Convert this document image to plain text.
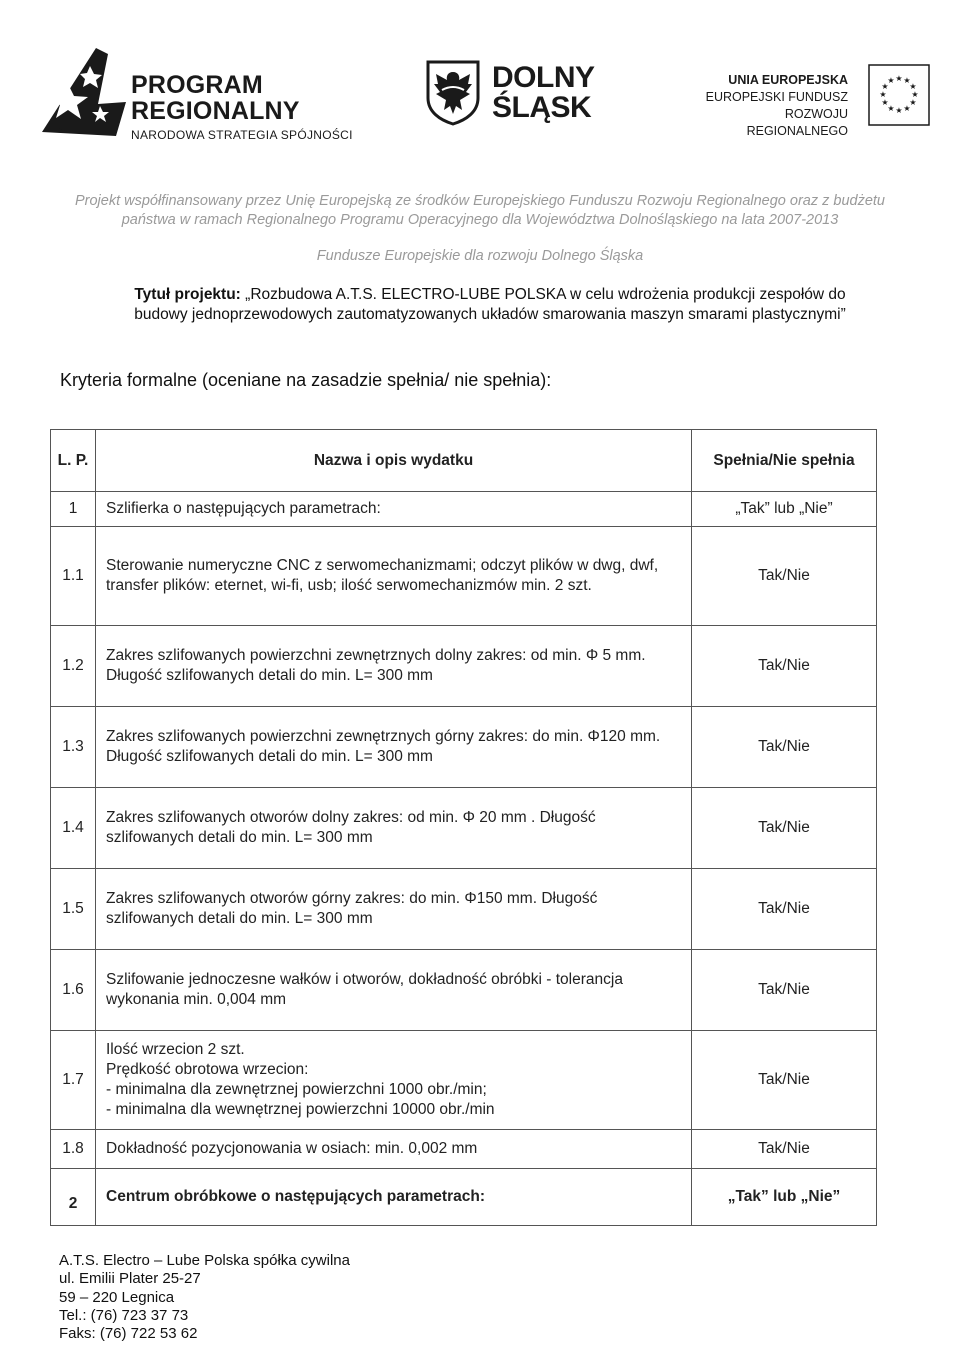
PROGRAM
REGIONALNY
NARODOWA STRATEGIA SPÓJNOŚCI
DOLNY
ŚLĄSK
UNIA EUROPEJSKA
EUROPEJSKI FUNDUSZ
ROZWOJU REGIONALNEGO
★ ★
★
★
★
★
★
★
★
★
★
★
Projekt współfinansowany przez Unię Europejską ze środków Europejskiego Funduszu Rozwoju Regionalnego oraz z budżetu
państwa w ramach Regionalnego Programu Operacyjnego dla Województwa Dolnośląskiego na lata 2007-2013
Fundusze Europejskie dla rozwoju Dolnego Śląska
Tytuł projektu: „Rozbudowa A.T.S. ELECTRO-LUBE POLSKA w celu wdrożenia produkcji zespołów do
budowy jednoprzewodowych zautomatyzowanych układów smarowania maszyn smarami plastycznymi”
Kryteria formalne (oceniane na zasadzie spełnia/ nie spełnia):
L. P.	Nazwa i opis wydatku	Spełnia/Nie spełnia
1	Szlifierka o następujących parametrach:	„Tak” lub „Nie”
1.1	Sterowanie numeryczne CNC z serwomechanizmami; odczyt plików w dwg, dwf, transfer plików: eternet, wi-fi, usb; ilość serwomechanizmów min. 2 szt.	Tak/Nie
1.2	Zakres szlifowanych powierzchni zewnętrznych dolny zakres: od min. Φ 5 mm. Długość szlifowanych detali do min. L= 300 mm	Tak/Nie
1.3	Zakres szlifowanych powierzchni zewnętrznych górny zakres: do min. Φ120 mm. Długość szlifowanych detali do min. L= 300 mm	Tak/Nie
1.4	Zakres szlifowanych otworów dolny zakres: od min. Φ 20 mm . Długość szlifowanych detali do min. L= 300 mm	Tak/Nie
1.5	Zakres szlifowanych otworów górny zakres: do min. Φ150 mm. Długość szlifowanych detali do min. L= 300 mm	Tak/Nie
1.6	Szlifowanie jednoczesne wałków i otworów, dokładność obróbki - tolerancja wykonania min. 0,004 mm	Tak/Nie
1.7	Ilość wrzecion 2 szt.
Prędkość obrotowa wrzecion:
- minimalna dla zewnętrznej powierzchni 1000 obr./min;
- minimalna dla wewnętrznej powierzchni 10000 obr./min	Tak/Nie
1.8	Dokładność pozycjonowania w osiach: min. 0,002 mm	Tak/Nie
2	Centrum obróbkowe o następujących parametrach:	„Tak” lub „Nie”
A.T.S. Electro – Lube Polska spółka cywilna
ul. Emilii Plater 25-27
59 – 220 Legnica
Tel.: (76) 723 37 73
Faks: (76) 722 53 62
